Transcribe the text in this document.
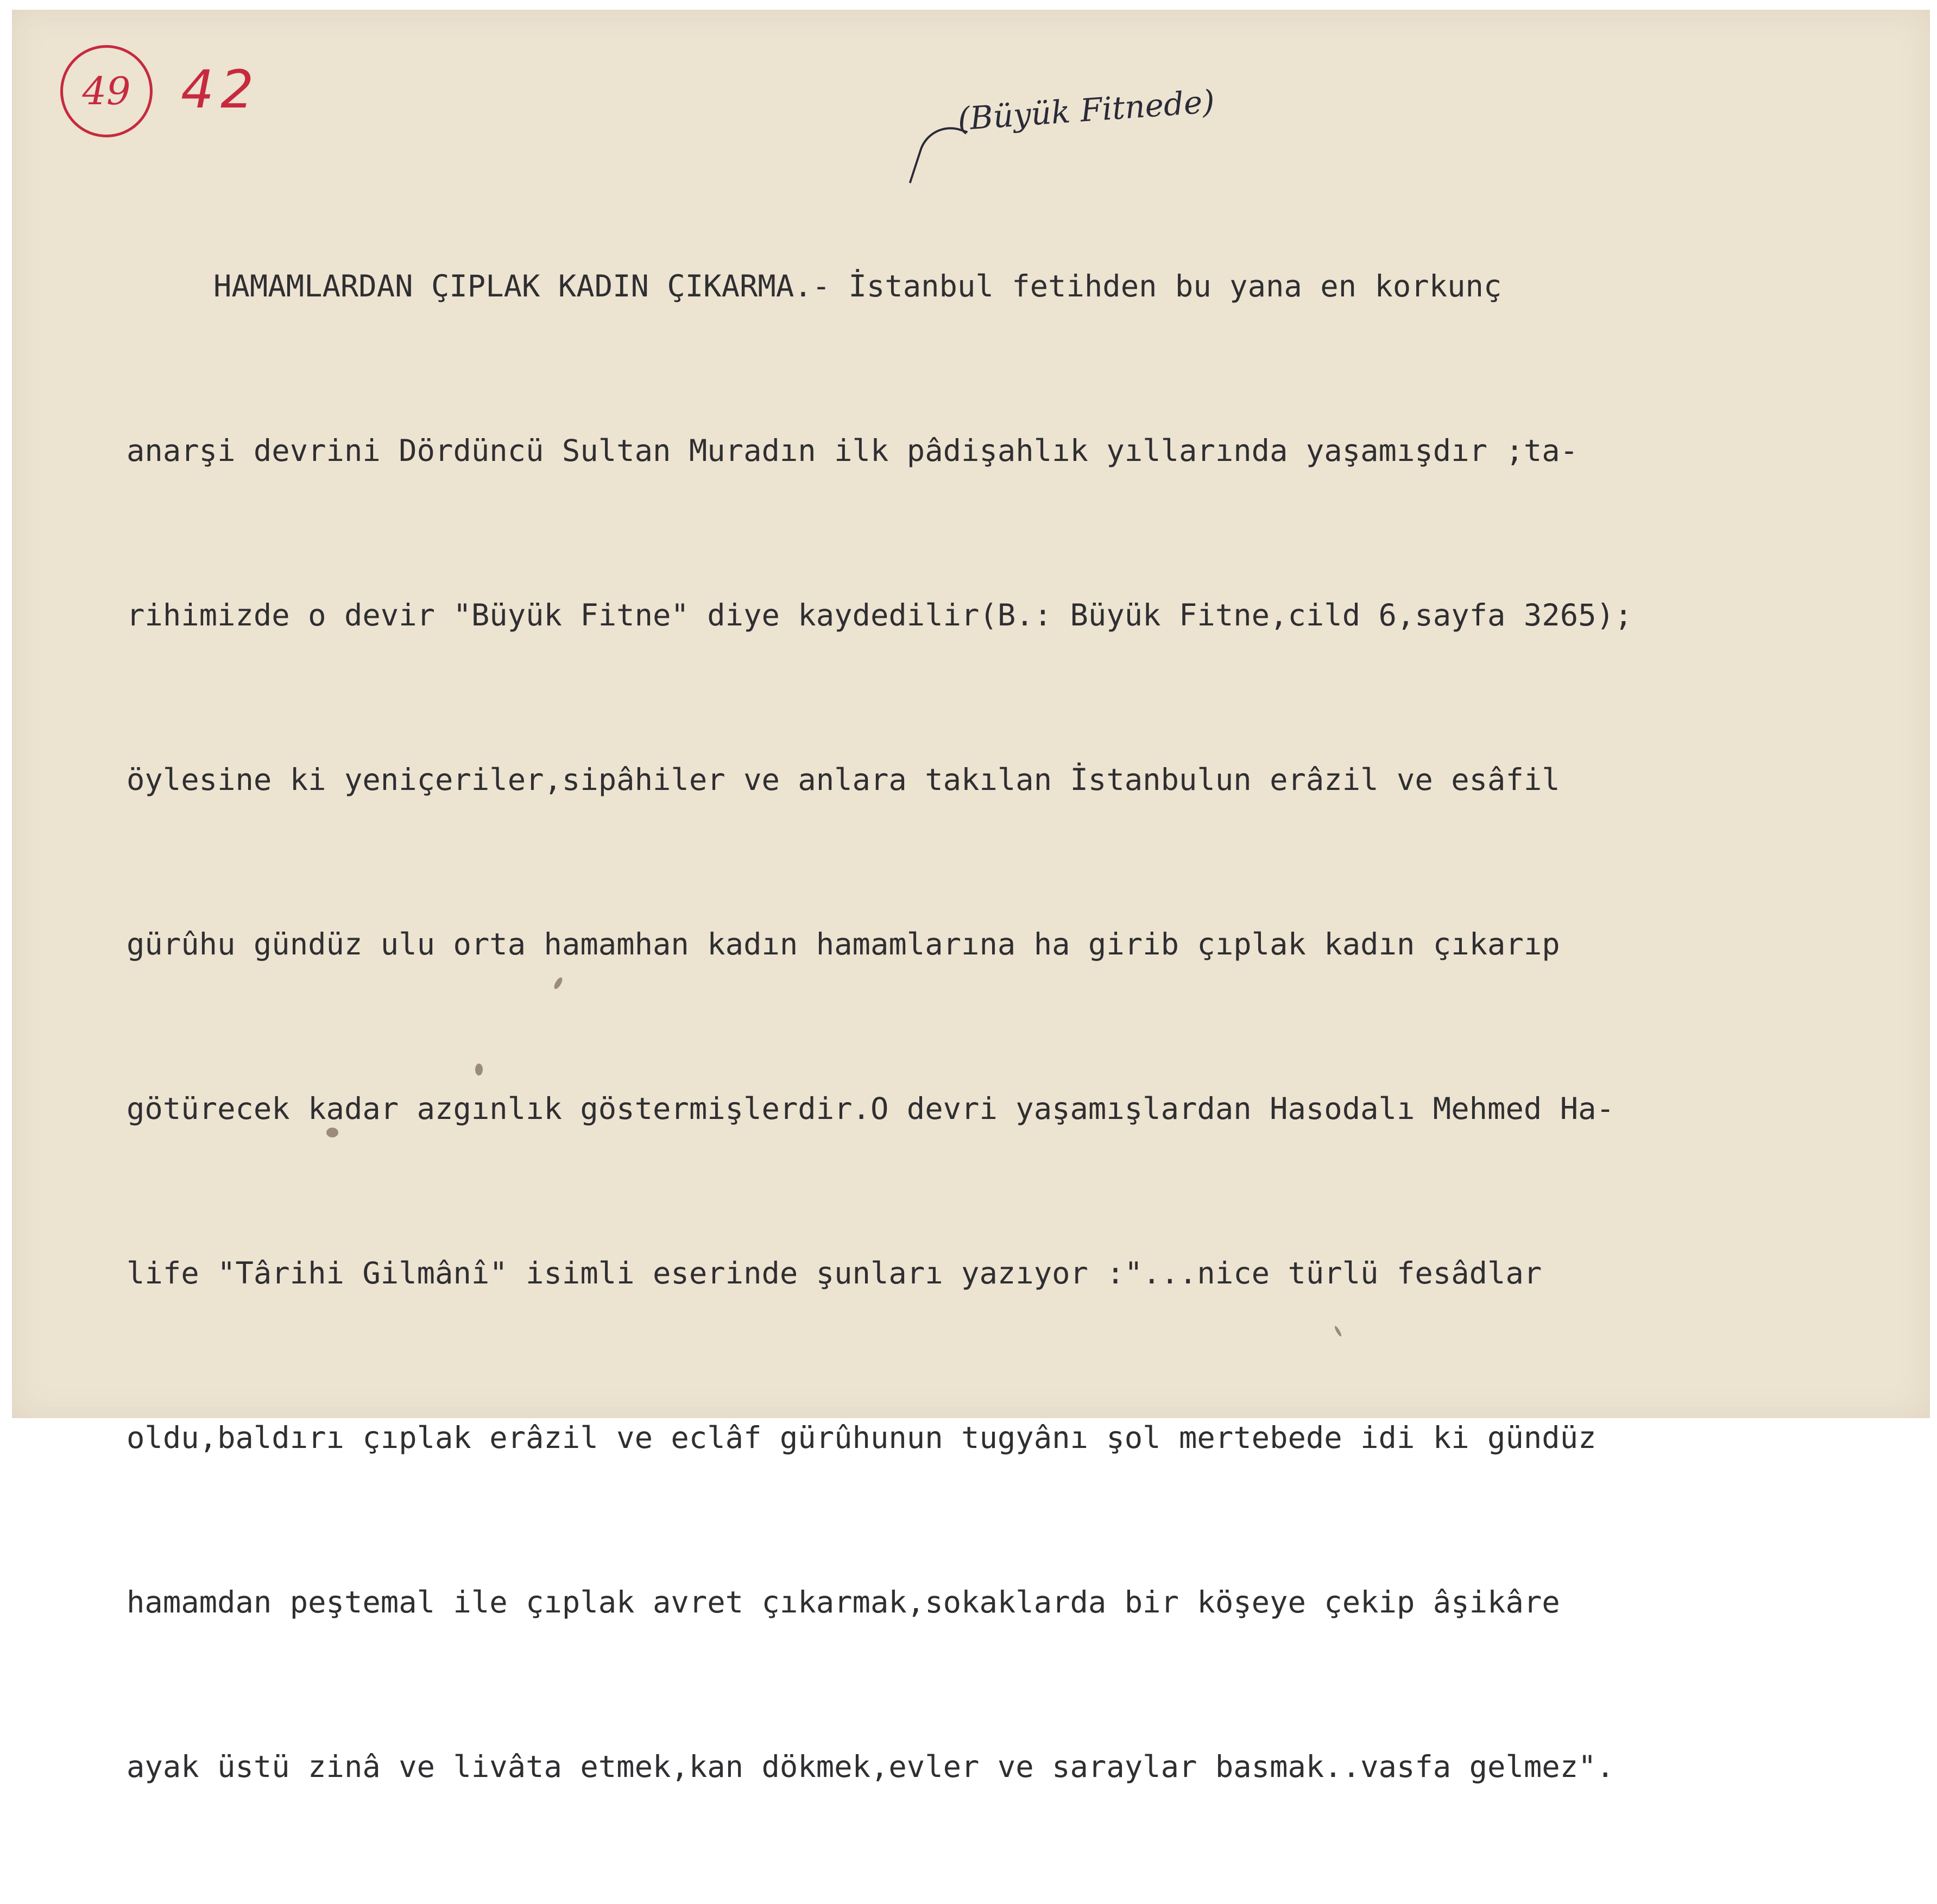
49 42	(Büyük Fitnede)

HAMAMLARDAN ÇIPLAK KADIN ÇIKARMA.- İstanbul fetihden bu yana en korkunç

anarşi devrini Dördüncü Sultan Muradın ilk pâdişahlık yıllarında yaşamışdır ;ta-

rihimizde o devir "Büyük Fitne" diye kaydedilir(B.: Büyük Fitne,cild 6,sayfa 3265);

öylesine ki yeniçeriler,sipâhiler ve anlara takılan İstanbulun erâzil ve esâfil

gürûhu gündüz ulu orta hamamhan kadın hamamlarına ha girib çıplak kadın çıkarıp

götürecek kadar azgınlık göstermişlerdir.O devri yaşamışlardan Hasodalı Mehmed Ha-

life "Târihi Gilmânî" isimli eserinde şunları yazıyor :"...nice türlü fesâdlar

oldu,baldırı çıplak erâzil ve eclâf gürûhunun tugyânı şol mertebede idi ki gündüz

hamamdan peştemal ile çıplak avret çıkarmak,sokaklarda bir köşeye çekip âşikâre

ayak üstü zinâ ve livâta etmek,kan dökmek,evler ve saraylar basmak..vasfa gelmez".
